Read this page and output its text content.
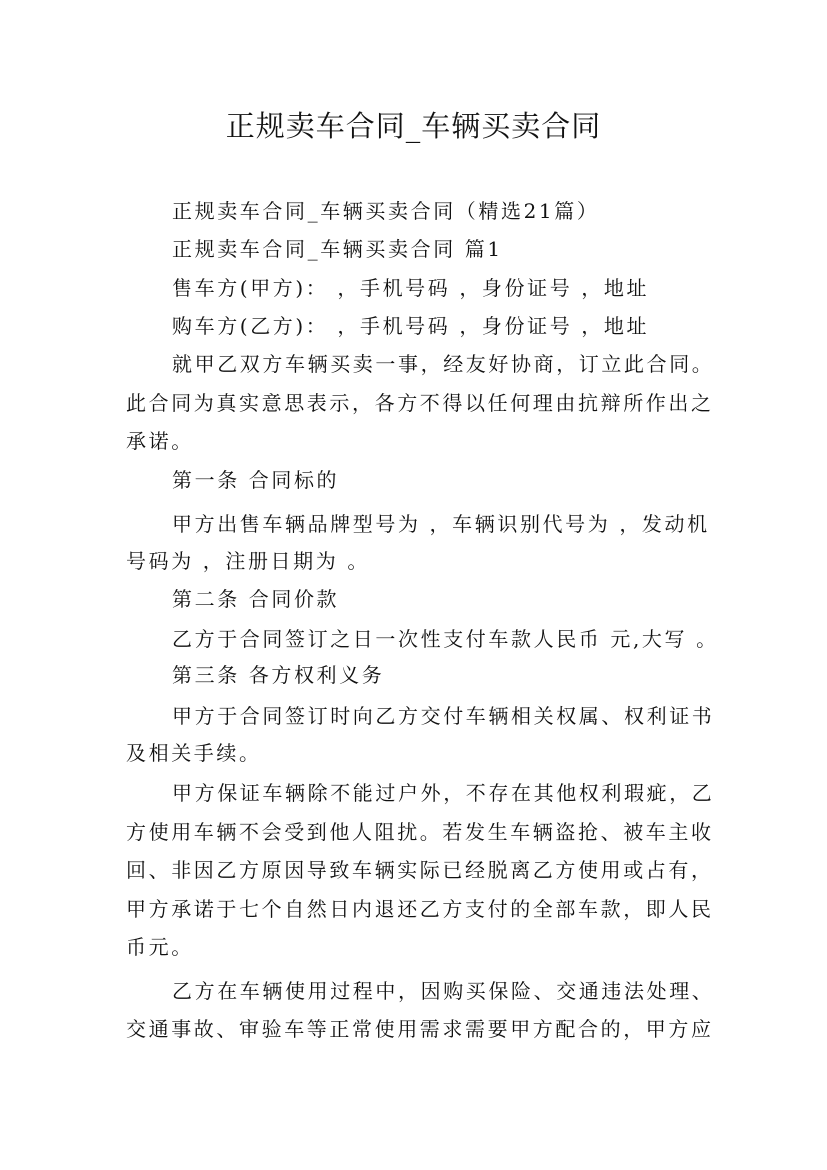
正规卖车合同_车辆买卖合同

正规卖车合同_车辆买卖合同（精选21篇）

正规卖车合同_车辆买卖合同 篇1

售车方(甲方)： ，手机号码 ，身份证号 ，地址

购车方(乙方)： ，手机号码 ，身份证号 ，地址

就甲乙双方车辆买卖一事，经友好协商，订立此合同。

此合同为真实意思表示，各方不得以任何理由抗辩所作出之

承诺。

第一条 合同标的

甲方出售车辆品牌型号为 ，车辆识别代号为 ，发动机

号码为 ，注册日期为 。

第二条 合同价款

乙方于合同签订之日一次性支付车款人民币 元,大写 。

第三条 各方权利义务

甲方于合同签订时向乙方交付车辆相关权属、权利证书

及相关手续。

甲方保证车辆除不能过户外，不存在其他权利瑕疵，乙

方使用车辆不会受到他人阻扰。若发生车辆盗抢、被车主收

回、非因乙方原因导致车辆实际已经脱离乙方使用或占有，

甲方承诺于七个自然日内退还乙方支付的全部车款，即人民

币元。

乙方在车辆使用过程中，因购买保险、交通违法处理、

交通事故、审验车等正常使用需求需要甲方配合的，甲方应
